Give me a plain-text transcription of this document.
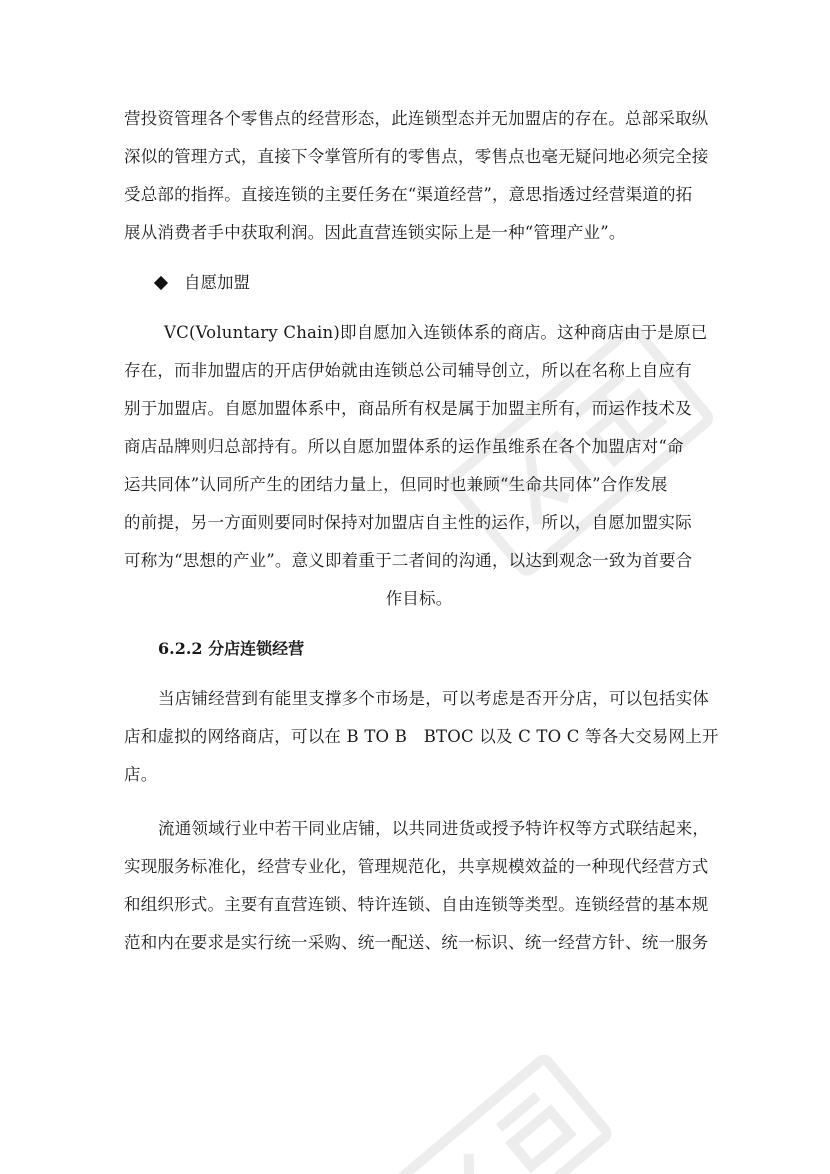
营投资管理各个零售点的经营形态，此连锁型态并无加盟店的存在。总部采取纵
深似的管理方式，直接下令掌管所有的零售点，零售点也毫无疑问地必须完全接
受总部的指挥。直接连锁的主要任务在“渠道经营”，意思指透过经营渠道的拓
展从消费者手中获取利润。因此直营连锁实际上是一种“管理产业”。

自愿加盟

VC(Voluntary Chain)即自愿加入连锁体系的商店。这种商店由于是原已
存在，而非加盟店的开店伊始就由连锁总公司辅导创立，所以在名称上自应有
别于加盟店。自愿加盟体系中，商品所有权是属于加盟主所有，而运作技术及
商店品牌则归总部持有。所以自愿加盟体系的运作虽维系在各个加盟店对“命
运共同体”认同所产生的团结力量上，但同时也兼顾“生命共同体”合作发展
的前提，另一方面则要同时保持对加盟店自主性的运作，所以，自愿加盟实际
可称为“思想的产业”。意义即着重于二者间的沟通，以达到观念一致为首要合
作目标。

6.2.2 分店连锁经营

当店铺经营到有能里支撑多个市场是，可以考虑是否开分店，可以包括实体
店和虚拟的网络商店，可以在 B TO B　BTOC 以及 C TO C 等各大交易网上开
店。

流通领域行业中若干同业店铺，以共同进货或授予特许权等方式联结起来，
实现服务标准化，经营专业化，管理规范化，共享规模效益的一种现代经营方式
和组织形式。主要有直营连锁、特许连锁、自由连锁等类型。连锁经营的基本规
范和内在要求是实行统一采购、统一配送、统一标识、统一经营方针、统一服务
